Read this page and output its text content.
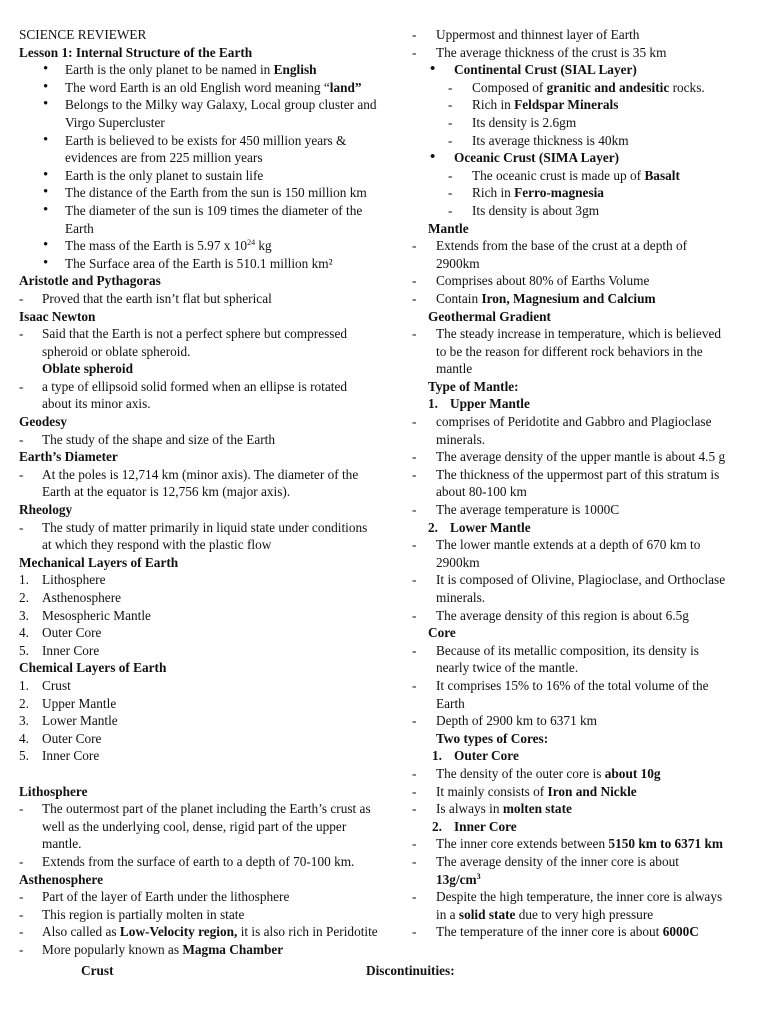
SCIENCE REVIEWER
Lesson 1: Internal Structure of the Earth
•	Earth is the only planet to be named in English
•	The word Earth is an old English word meaning “land”
•	Belongs to the Milky way Galaxy, Local group cluster and
Virgo Supercluster
•	Earth is believed to be exists for 450 million years &
evidences are from 225 million years
•	Earth is the only planet to sustain life
•	The distance of the Earth from the sun is 150 million km
•	The diameter of the sun is 109 times the diameter of the
Earth
•	The mass of the Earth is 5.97 x $10^{24}$ kg
•	The Surface area of the Earth is 510.1 million km²
Aristotle and Pythagoras
-	Proved that the earth isn’t flat but spherical
Isaac Newton
-	Said that the Earth is not a perfect sphere but compressed
spheroid or oblate spheroid.
Oblate spheroid
-	a type of ellipsoid solid formed when an ellipse is rotated
about its minor axis.
Geodesy
-	The study of the shape and size of the Earth
Earth’s Diameter
-	At the poles is 12,714 km (minor axis). The diameter of the
Earth at the equator is 12,756 km (major axis).
Rheology
-	The study of matter primarily in liquid state under conditions
at which they respond with the plastic flow
Mechanical Layers of Earth
1. Lithosphere
2. Asthenosphere
3. Mesospheric Mantle
4. Outer Core
5. Inner Core
Chemical Layers of Earth
1. Crust
2. Upper Mantle
3. Lower Mantle
4. Outer Core
5. Inner Core
Lithosphere
-	The outermost part of the planet including the Earth’s crust as
well as the underlying cool, dense, rigid part of the upper
mantle.
-	Extends from the surface of earth to a depth of 70-100 km.
Asthenosphere
-	Part of the layer of Earth under the lithosphere
-	This region is partially molten in state
-	Also called as Low-Velocity region, it is also rich in Peridotite
-	More popularly known as Magma Chamber
-	Uppermost and thinnest layer of Earth
-	The average thickness of the crust is 35 km
•	Continental Crust (SIAL Layer)
-	Composed of granitic and andesitic rocks.
-	Rich in Feldspar Minerals
-	Its density is 2.6gm
-	Its average thickness is 40km
•	Oceanic Crust (SIMA Layer)
-	The oceanic crust is made up of Basalt
-	Rich in Ferro-magnesia
-	Its density is about 3gm
Mantle
-	Extends from the base of the crust at a depth of
2900km
-	Comprises about 80% of Earths Volume
-	Contain Iron, Magnesium and Calcium
Geothermal Gradient
-	The steady increase in temperature, which is believed
to be the reason for different rock behaviors in the
mantle
Type of Mantle:
1. Upper Mantle
-	comprises of Peridotite and Gabbro and Plagioclase
minerals.
-	The average density of the upper mantle is about 4.5 g
-	The thickness of the uppermost part of this stratum is
about 80-100 km
-	The average temperature is 1000C
2. Lower Mantle
-	The lower mantle extends at a depth of 670 km to
2900km
-	It is composed of Olivine, Plagioclase, and Orthoclase
minerals.
-	The average density of this region is about 6.5g
Core
-	Because of its metallic composition, its density is
nearly twice of the mantle.
-	It comprises 15% to 16% of the total volume of the
Earth
-	Depth of 2900 km to 6371 km
Two types of Cores:
1. Outer Core
-	The density of the outer core is about 10g
-	It mainly consists of Iron and Nickle
-	Is always in molten state
2. Inner Core
-	The inner core extends between 5150 km to 6371 km
-	The average density of the inner core is about
$13g/cm^3$
-	Despite the high temperature, the inner core is always
in a solid state due to very high pressure
-	The temperature of the inner core is about 6000C
Crust	Discontinuities:
